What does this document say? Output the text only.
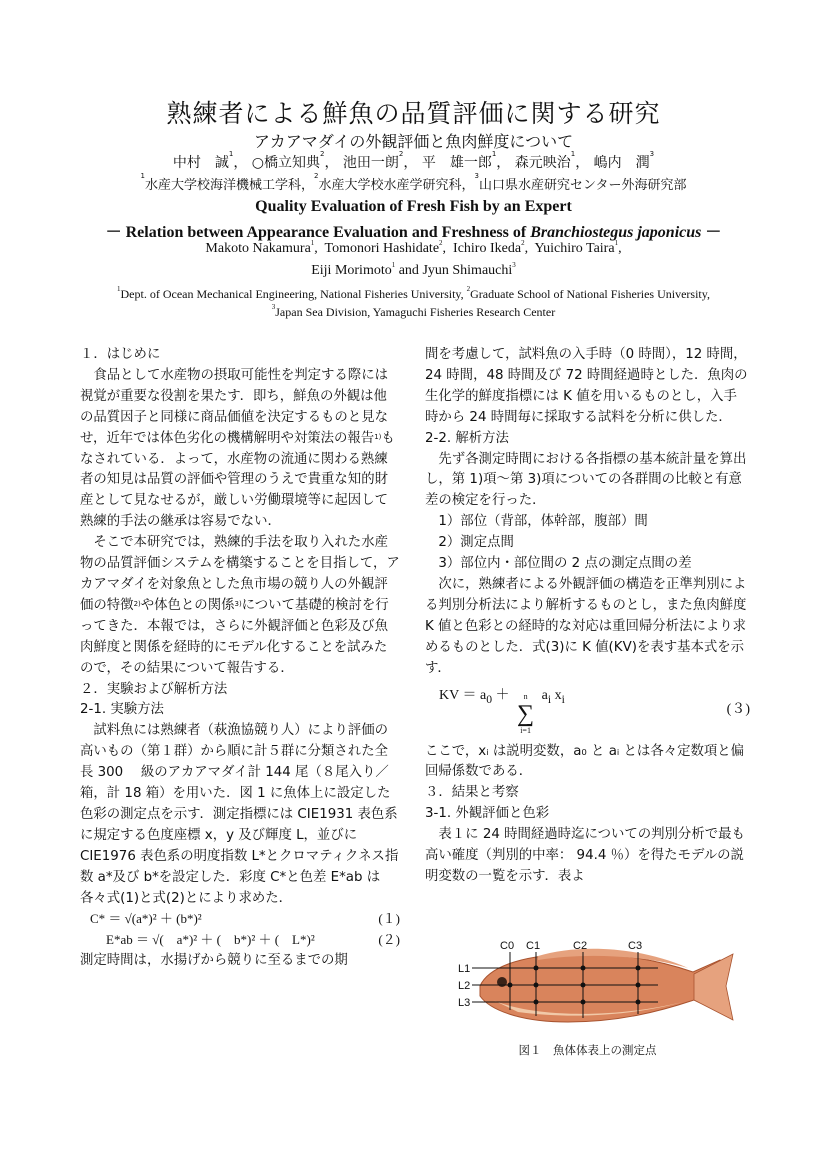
熟練者による鮮魚の品質評価に関する研究
アカアマダイの外観評価と魚肉鮮度について
中村　誠$^1$， ○橋立知典$^2$， 池田一朗$^2$， 平　雄一郎$^1$， 森元映治$^1$， 嶋内　潤$^3$
$^1$水産大学校海洋機械工学科，$^2$水産大学校水産学研究科，$^3$山口県水産研究センター外海研究部
Quality Evaluation of Fresh Fish by an Expert
－ Relation between Appearance Evaluation and Freshness of Branchiostegus japonicus －
Makoto Nakamura$^1$,  Tomonori Hashidate$^2$,  Ichiro Ikeda$^2$,  Yuichiro Taira$^1$,
Eiji Morimoto$^1$ and Jyun Shimauchi$^3$
$^1$Dept. of Ocean Mechanical Engineering, National Fisheries University, $^2$Graduate School of National Fisheries University,
$^3$Japan Sea Division, Yamaguchi Fisheries Research Center

１．はじめに

食品として水産物の摂取可能性を判定する際には視覚が重要な役割を果たす．即ち，鮮魚の外観は他の品質因子と同様に商品価値を決定するものと見なせ，近年では体色劣化の機構解明や対策法の報告$^{1)}$もなされている．よって，水産物の流通に関わる熟練者の知見は品質の評価や管理のうえで貴重な知的財産として見なせるが，厳しい労働環境等に起因して熟練的手法の継承は容易でない．

そこで本研究では，熟練的手法を取り入れた水産物の品質評価システムを構築することを目指して，アカアマダイを対象魚とした魚市場の競り人の外観評価の特徴$^{2)}$や体色との関係$^{3)}$について基礎的検討を行ってきた．本報では，さらに外観評価と色彩及び魚肉鮮度と関係を経時的にモデル化することを試みたので，その結果について報告する．

２．実験および解析方法

2-1. 実験方法

試料魚には熟練者（萩漁協競り人）により評価の高いもの（第１群）から順に計５群に分類された全長 300　 級のアカアマダイ計 144 尾（８尾入り／箱，計 18 箱）を用いた．図 1 に魚体上に設定した色彩の測定点を示す．測定指標には CIE1931 表色系に規定する色度座標 x，y 及び輝度 L，並びに CIE1976 表色系の明度指数 L*とクロマティクネス指数 a*及び b*を設定した．彩度 C*と色差 E*ab は各々式(1)と式(2)とにより求めた．

C* ＝ √(a*)² ＋ (b*)²	(１)
E*ab ＝ √(　a*)² ＋ (　b*)² ＋ (　L*)²	(２)

測定時間は，水揚げから競りに至るまでの期

間を考慮して，試料魚の入手時（0 時間），12 時間，24 時間，48 時間及び 72 時間経過時とした．魚肉の生化学的鮮度指標には K 値を用いるものとし，入手時から 24 時間毎に採取する試料を分析に供した．

2-2. 解析方法

先ず各測定時間における各指標の基本統計量を算出し，第 1)項～第 3)項についての各群間の比較と有意差の検定を行った．

1）部位（背部，体幹部，腹部）間

2）測定点間

3）部位内・部位間の 2 点の測定点間の差

次に，熟練者による外観評価の構造を正準判別による判別分析法により解析するものとし，また魚肉鮮度 K 値と色彩との経時的な対応は重回帰分析法により求めるものとした．式(3)に K 値(KV)を表す基本式を示す．

KV ＝ $a_0 + n$
∑
i=1
$a_i$ $x_i$
(３)

ここで，xᵢ は説明変数，a₀ と aᵢ とは各々定数項と偏回帰係数である．

３．結果と考察

3-1. 外観評価と色彩

表１に 24 時間経過時迄についての判別分析で最も高い確度（判別的中率： 94.4 ％）を得たモデルの説明変数の一覧を示す．表よ

C0 C1	C2	C3
L1
L2
L3
図１　魚体体表上の測定点
